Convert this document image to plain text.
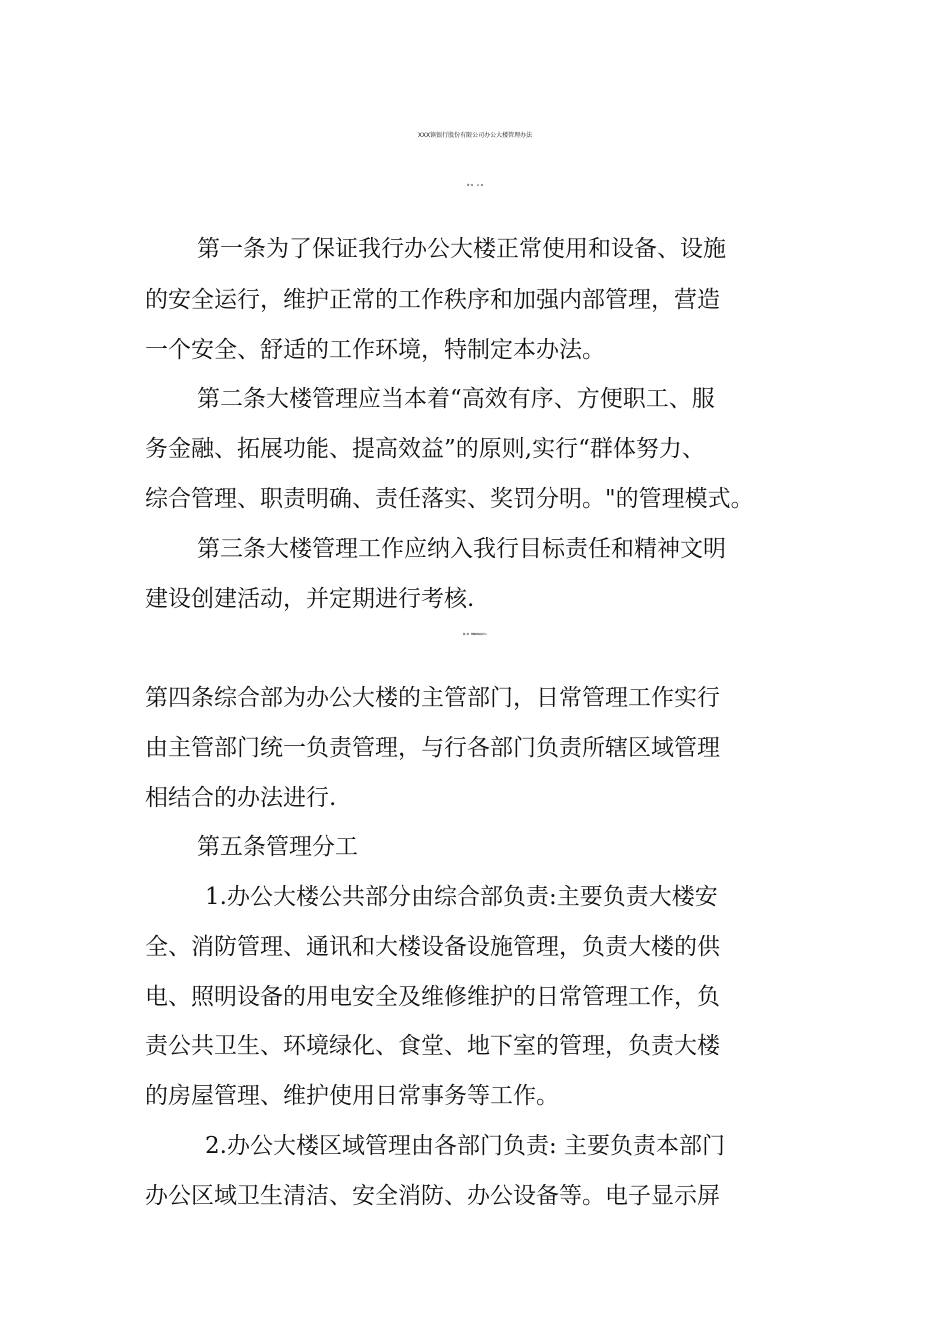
XXX镇银行股份有限公司办公大楼管理办法
第一章　　总　则
第一条为了保证我行办公大楼正常使用和设备、设施
的安全运行，维护正常的工作秩序和加强内部管理，营造
一个安全、舒适的工作环境，特制定本办法。
第二条大楼管理应当本着“高效有序、方便职工、服
务金融、拓展功能、提高效益”的原则,实行“群体努力、
综合管理、职责明确、责任落实、奖罚分明。"的管理模式。
第三条大楼管理工作应纳入我行目标责任和精神文明
建设创建活动，并定期进行考核.
第二章　管理机构及其分工
第四条综合部为办公大楼的主管部门，日常管理工作实行
由主管部门统一负责管理，与行各部门负责所辖区域管理
相结合的办法进行.
第五条管理分工
1.办公大楼公共部分由综合部负责:主要负责大楼安
全、消防管理、通讯和大楼设备设施管理，负责大楼的供
电、照明设备的用电安全及维修维护的日常管理工作，负
责公共卫生、环境绿化、食堂、地下室的管理，负责大楼
的房屋管理、维护使用日常事务等工作。
2.办公大楼区域管理由各部门负责: 主要负责本部门
办公区域卫生清洁、安全消防、办公设备等。电子显示屏
